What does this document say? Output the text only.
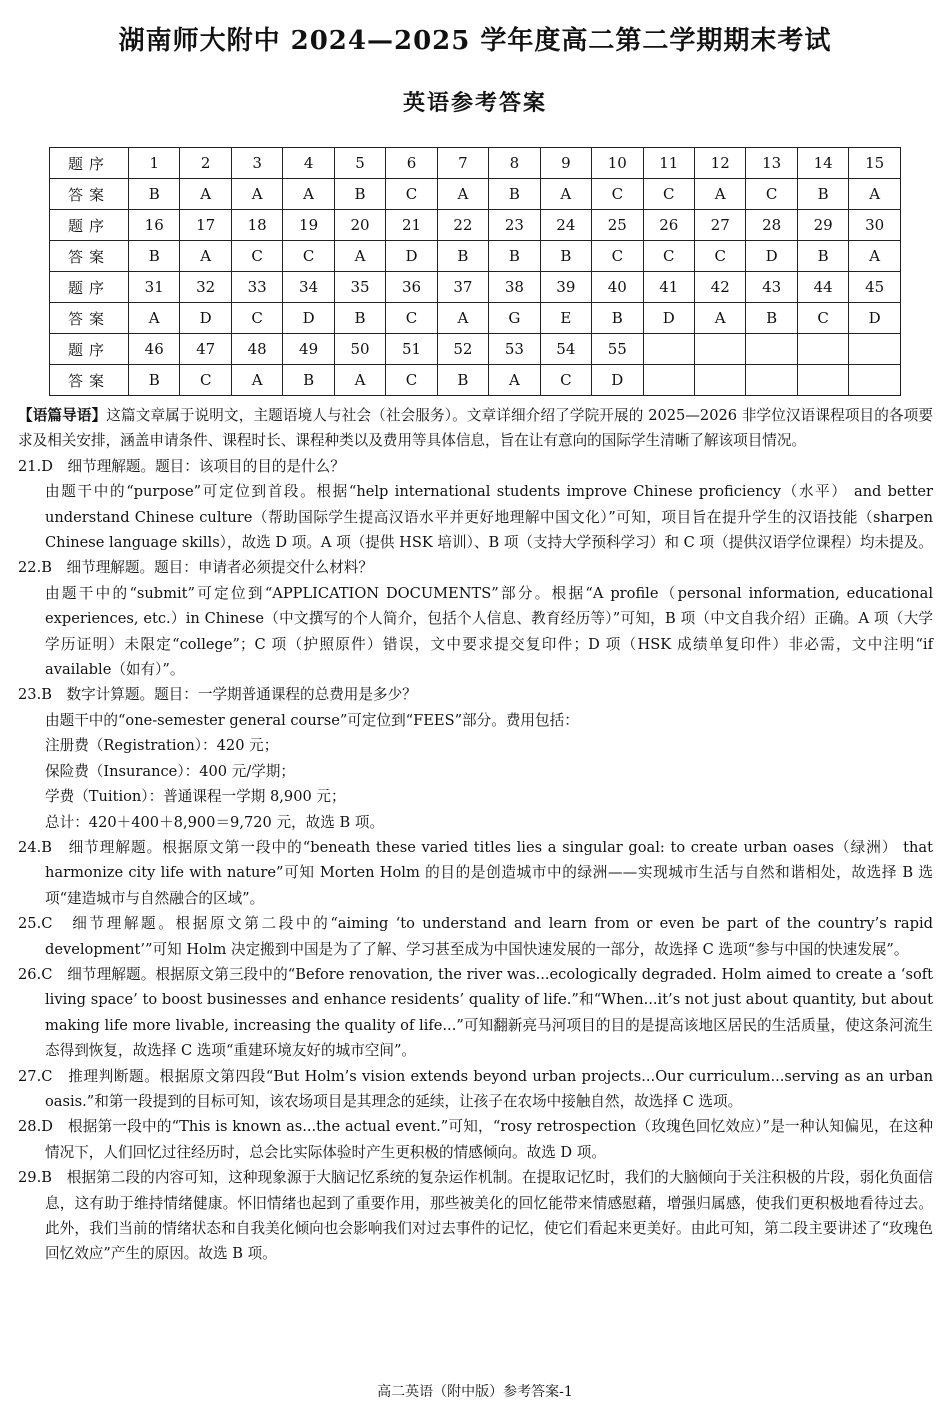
湖南师大附中 2024—2025 学年度高二第二学期期末考试
英语参考答案
题序	1	2	3	4	5	6	7	8	9	10	11	12	13	14	15
答案	B	A	A	A	B	C	A	B	A	C	C	A	C	B	A
题序	16	17	18	19	20	21	22	23	24	25	26	27	28	29	30
答案	B	A	C	C	A	D	B	B	B	C	C	C	D	B	A
题序	31	32	33	34	35	36	37	38	39	40	41	42	43	44	45
答案	A	D	C	D	B	C	A	G	E	B	D	A	B	C	D
题序	46	47	48	49	50	51	52	53	54	55					
答案	B	C	A	B	A	C	B	A	C	D					

【语篇导语】这篇文章属于说明文，主题语境人与社会（社会服务）。文章详细介绍了学院开展的 2025—2026 非学位汉语课程项目的各项要求及相关安排，涵盖申请条件、课程时长、课程种类以及费用等具体信息，旨在让有意向的国际学生清晰了解该项目情况。

21.D　细节理解题。题目：该项目的目的是什么？

由题干中的“purpose”可定位到首段。根据“help international students improve Chinese proficiency（水平） and better understand Chinese culture（帮助国际学生提高汉语水平并更好地理解中国文化）”可知，项目旨在提升学生的汉语技能（sharpen Chinese language skills），故选 D 项。A 项（提供 HSK 培训）、B 项（支持大学预科学习）和 C 项（提供汉语学位课程）均未提及。

22.B　细节理解题。题目：申请者必须提交什么材料？

由题干中的“submit”可定位到“APPLICATION DOCUMENTS”部分。根据“A profile（personal information, educational experiences, etc.）in Chinese（中文撰写的个人简介，包括个人信息、教育经历等）”可知，B 项（中文自我介绍）正确。A 项（大学学历证明）未限定“college”；C 项（护照原件）错误，文中要求提交复印件；D 项（HSK 成绩单复印件）非必需，文中注明“if available（如有）”。

23.B　数字计算题。题目：一学期普通课程的总费用是多少？

由题干中的“one-semester general course”可定位到“FEES”部分。费用包括：

注册费（Registration）：420 元；

保险费（Insurance）：400 元/学期；

学费（Tuition）：普通课程一学期 8,900 元；

总计：420＋400＋8,900＝9,720 元，故选 B 项。

24.B　细节理解题。根据原文第一段中的“beneath these varied titles lies a singular goal: to create urban oases（绿洲） that harmonize city life with nature”可知 Morten Holm 的目的是创造城市中的绿洲——实现城市生活与自然和谐相处，故选择 B 选项“建造城市与自然融合的区域”。

25.C　细节理解题。根据原文第二段中的“aiming ‘to understand and learn from or even be part of the country’s rapid development’”可知 Holm 决定搬到中国是为了了解、学习甚至成为中国快速发展的一部分，故选择 C 选项“参与中国的快速发展”。

26.C　细节理解题。根据原文第三段中的“Before renovation, the river was...ecologically degraded. Holm aimed to create a ‘soft living space’ to boost businesses and enhance residents’ quality of life.”和“When...it’s not just about quantity, but about making life more livable, increasing the quality of life...”可知翻新亮马河项目的目的是提高该地区居民的生活质量，使这条河流生态得到恢复，故选择 C 选项“重建环境友好的城市空间”。

27.C　推理判断题。根据原文第四段“But Holm’s vision extends beyond urban projects...Our curriculum...serving as an urban oasis.”和第一段提到的目标可知，该农场项目是其理念的延续，让孩子在农场中接触自然，故选择 C 选项。

28.D　根据第一段中的“This is known as...the actual event.”可知，“rosy retrospection（玫瑰色回忆效应）”是一种认知偏见，在这种情况下，人们回忆过往经历时，总会比实际体验时产生更积极的情感倾向。故选 D 项。

29.B　根据第二段的内容可知，这种现象源于大脑记忆系统的复杂运作机制。在提取记忆时，我们的大脑倾向于关注积极的片段，弱化负面信息，这有助于维持情绪健康。怀旧情绪也起到了重要作用，那些被美化的回忆能带来情感慰藉，增强归属感，使我们更积极地看待过去。此外，我们当前的情绪状态和自我美化倾向也会影响我们对过去事件的记忆，使它们看起来更美好。由此可知，第二段主要讲述了“玫瑰色回忆效应”产生的原因。故选 B 项。

高二英语（附中版）参考答案-1
